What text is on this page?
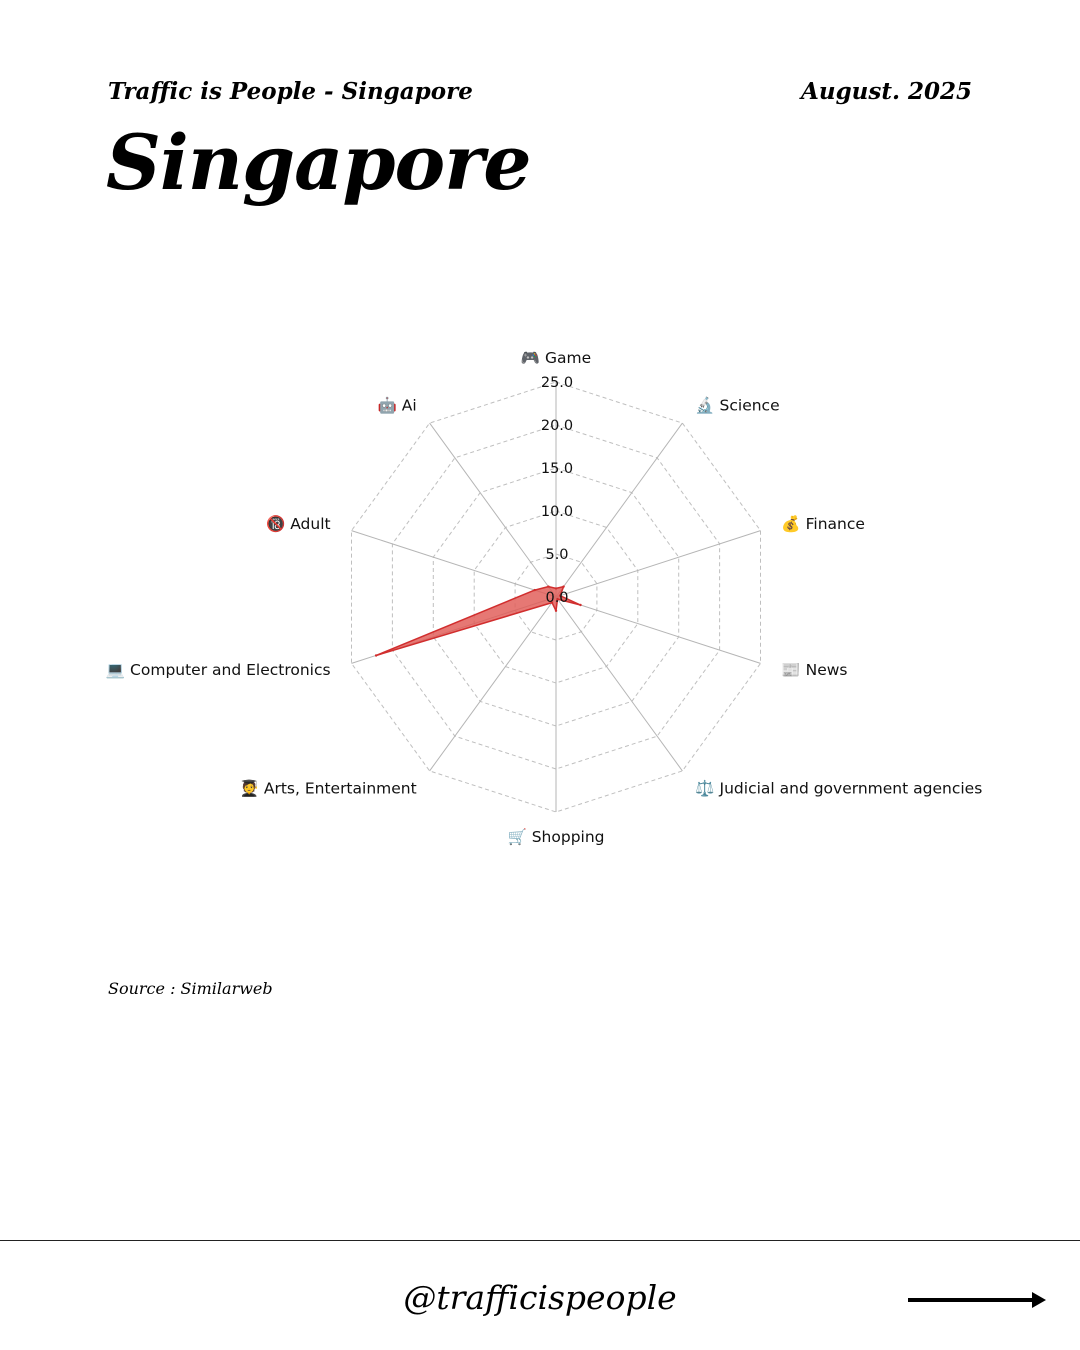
Traffic is People - Singapore	August. 2025
Singapore
0.0
5.0
10.0
15.0
20.0
25.0
🎮 Game
🔬 Science
💰 Finance
📰 News
⚖️ Judicial and government agencies
🛒 Shopping
🧑‍🎓 Arts, Entertainment
💻 Computer and Electronics
🔞 Adult
🤖 Ai
Source : Similarweb
@trafficispeople
